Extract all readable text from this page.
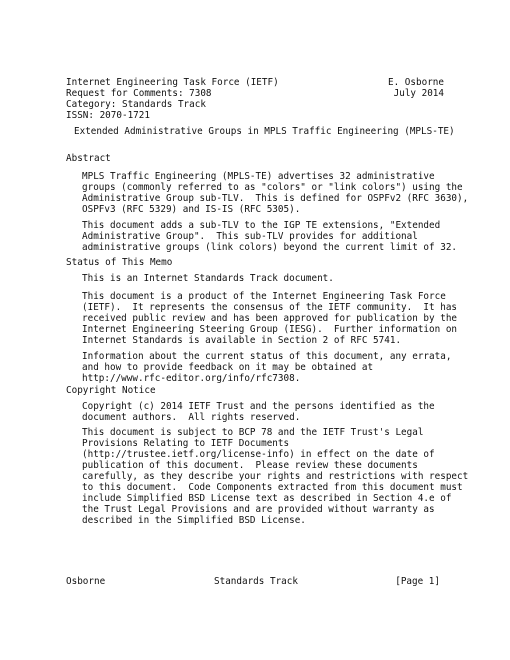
Internet Engineering Task Force (IETF)

Request for Comments: 7308

Category: Standards Track

ISSN: 2070-1721

E. Osborne

July 2014

Extended Administrative Groups in MPLS Traffic Engineering (MPLS-TE)

Abstract

MPLS Traffic Engineering (MPLS-TE) advertises 32 administrative
groups (commonly referred to as "colors" or "link colors") using the
Administrative Group sub-TLV.  This is defined for OSPFv2 (RFC 3630),
OSPFv3 (RFC 5329) and IS-IS (RFC 5305).

This document adds a sub-TLV to the IGP TE extensions, "Extended
Administrative Group".  This sub-TLV provides for additional
administrative groups (link colors) beyond the current limit of 32.

Status of This Memo

This is an Internet Standards Track document.

This document is a product of the Internet Engineering Task Force
(IETF).  It represents the consensus of the IETF community.  It has
received public review and has been approved for publication by the
Internet Engineering Steering Group (IESG).  Further information on
Internet Standards is available in Section 2 of RFC 5741.

Information about the current status of this document, any errata,
and how to provide feedback on it may be obtained at
http://www.rfc-editor.org/info/rfc7308.

Copyright Notice

Copyright (c) 2014 IETF Trust and the persons identified as the
document authors.  All rights reserved.

This document is subject to BCP 78 and the IETF Trust's Legal
Provisions Relating to IETF Documents
(http://trustee.ietf.org/license-info) in effect on the date of
publication of this document.  Please review these documents
carefully, as they describe your rights and restrictions with respect
to this document.  Code Components extracted from this document must
include Simplified BSD License text as described in Section 4.e of
the Trust Legal Provisions and are provided without warranty as
described in the Simplified BSD License.

Osborne	Standards Track	[Page 1]
